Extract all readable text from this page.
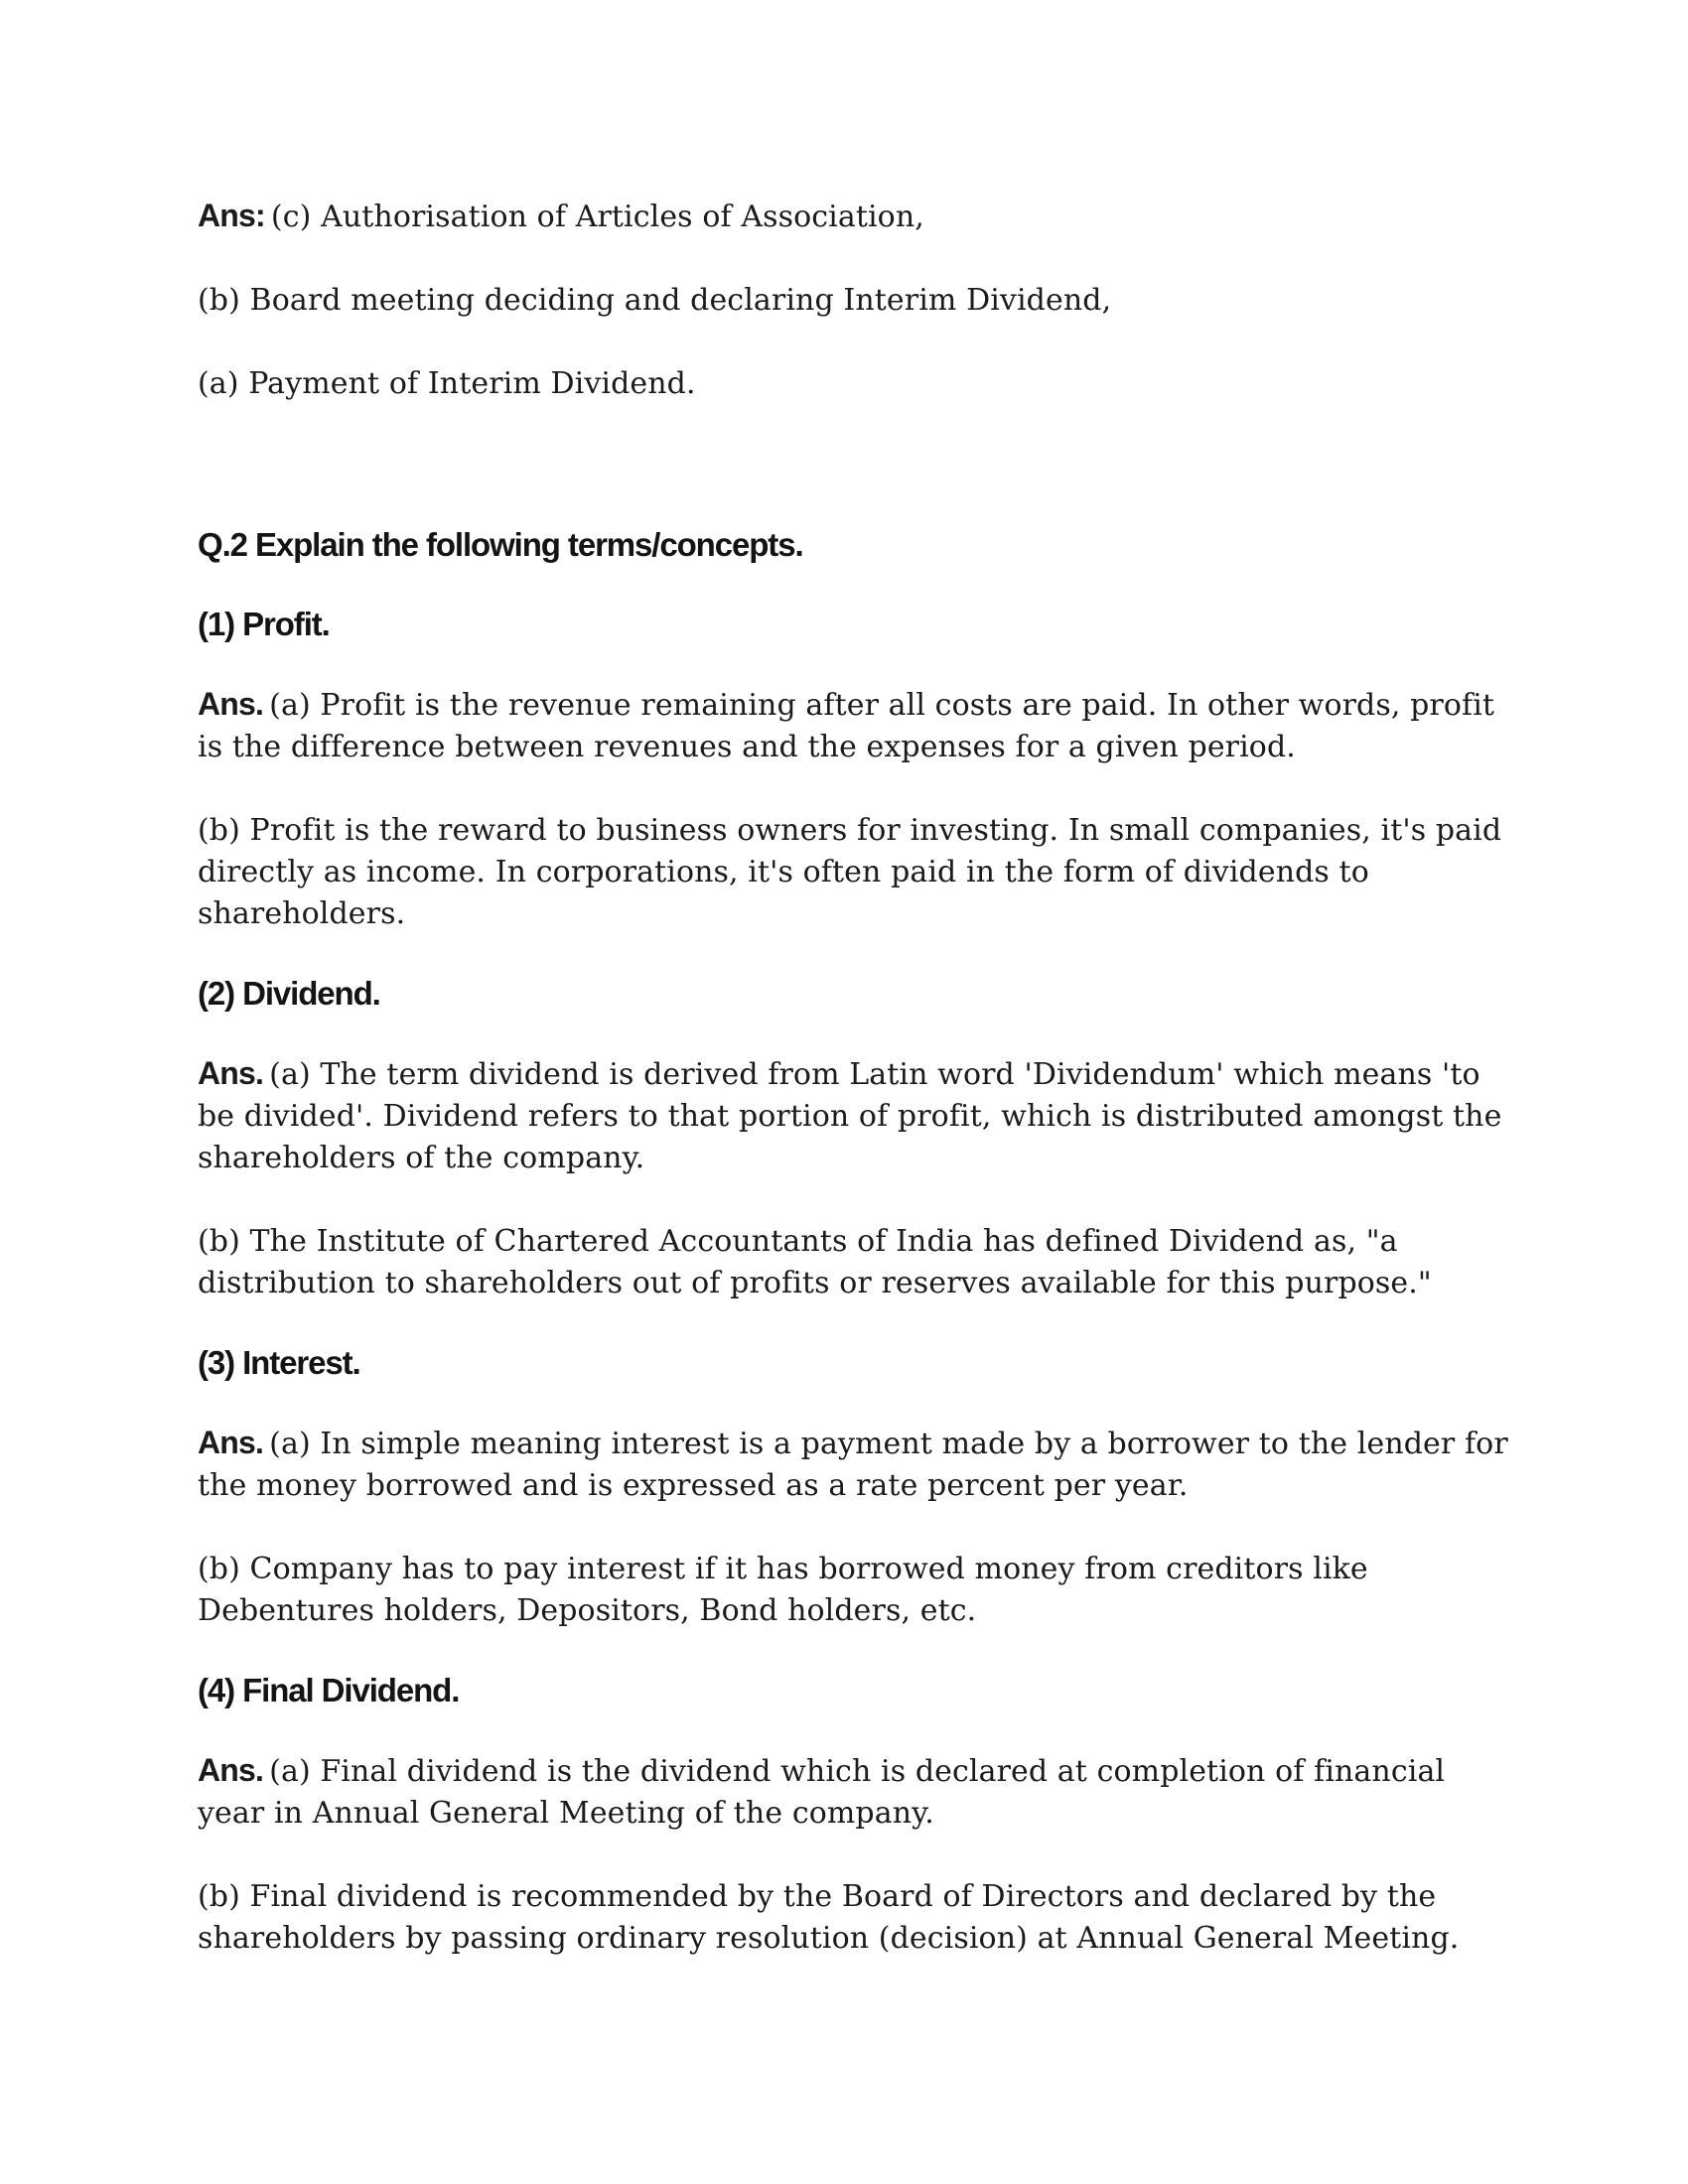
Ans: (c) Authorisation of Articles of Association,

(b) Board meeting deciding and declaring Interim Dividend,

(a) Payment of Interim Dividend.

Q.2 Explain the following terms/concepts.

(1) Profit.

Ans. (a) Profit is the revenue remaining after all costs are paid. In other words, profit is the difference between revenues and the expenses for a given period.

(b) Profit is the reward to business owners for investing. In small companies, it's paid directly as income. In corporations, it's often paid in the form of dividends to shareholders.

(2) Dividend.

Ans. (a) The term dividend is derived from Latin word 'Dividendum' which means 'to be divided'. Dividend refers to that portion of profit, which is distributed amongst the shareholders of the company.

(b) The Institute of Chartered Accountants of India has defined Dividend as, "a distribution to shareholders out of profits or reserves available for this purpose."

(3) Interest.

Ans. (a) In simple meaning interest is a payment made by a borrower to the lender for the money borrowed and is expressed as a rate percent per year.

(b) Company has to pay interest if it has borrowed money from creditors like Debentures holders, Depositors, Bond holders, etc.

(4) Final Dividend.

Ans. (a) Final dividend is the dividend which is declared at completion of financial year in Annual General Meeting of the company.

(b) Final dividend is recommended by the Board of Directors and declared by the shareholders by passing ordinary resolution (decision) at Annual General Meeting.
